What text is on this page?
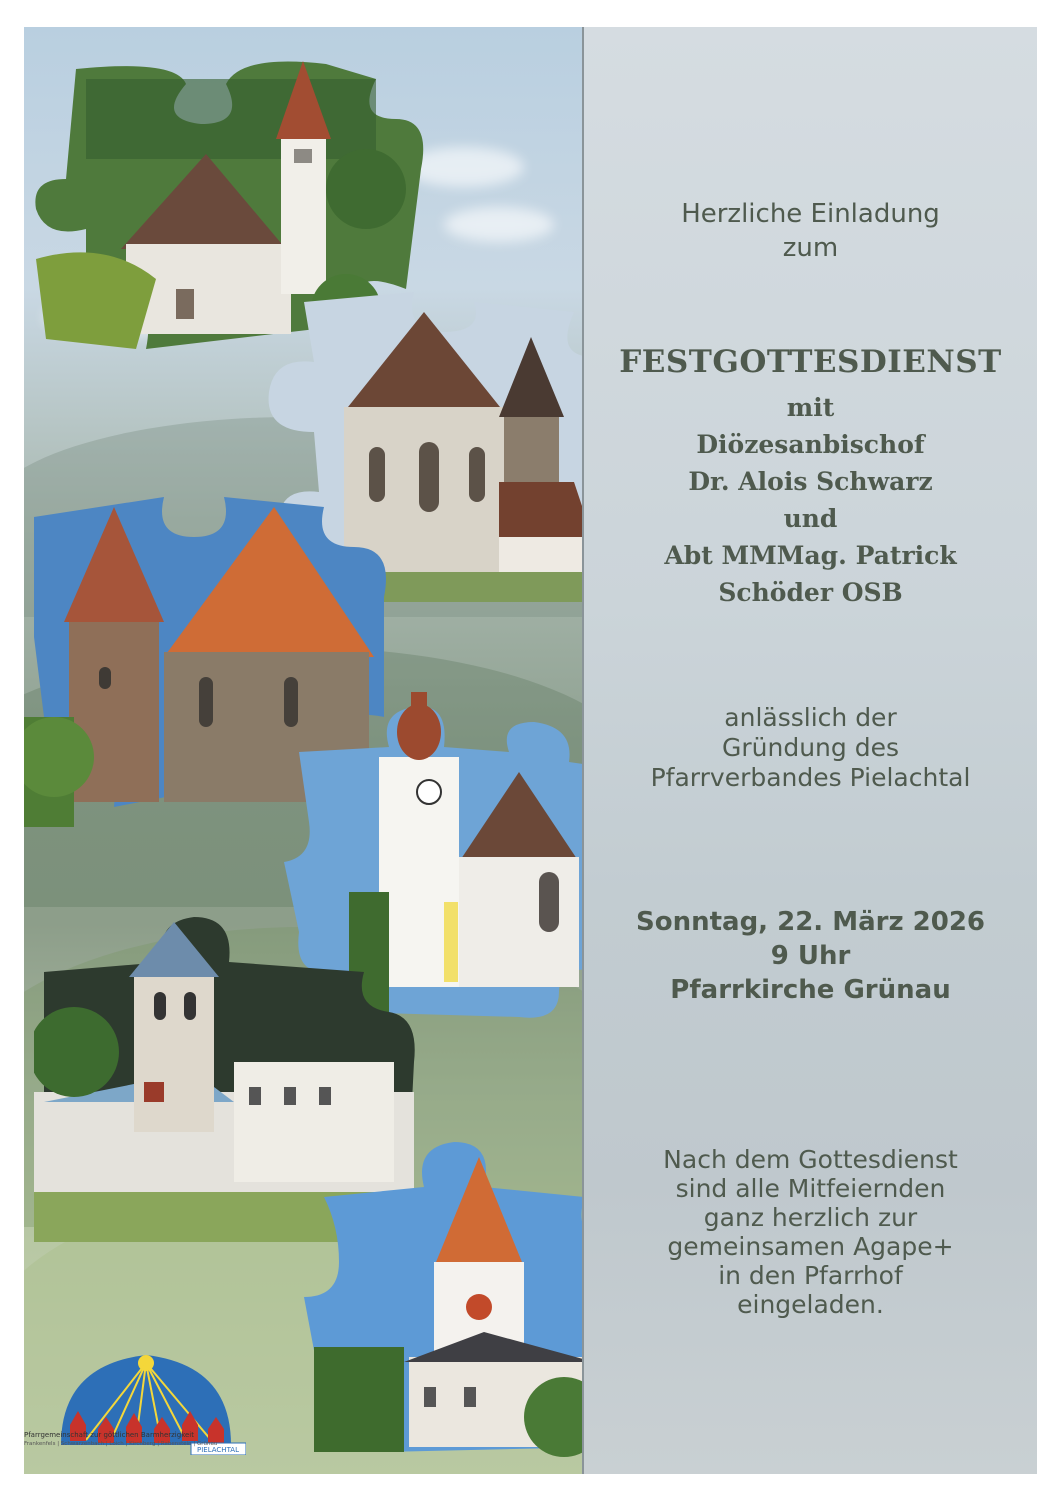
PIELACHTAL
Pfarrgemeinschaft zur göttlichen Barmherzigkeit
Frankenfels | Schwarzenbach | Loich | Kirchberg | Rabenstein | Grünau
Herzliche Einladung
zum
FESTGOTTESDIENST
mit
Diözesanbischof
Dr. Alois Schwarz
und
Abt MMMag. Patrick
Schöder OSB
anlässlich der
Gründung des
Pfarrverbandes Pielachtal
Sonntag, 22. März 2026
9 Uhr
Pfarrkirche Grünau
Nach dem Gottesdienst
sind alle Mitfeiernden
ganz herzlich zur
gemeinsamen Agape+
in den Pfarrhof
eingeladen.
